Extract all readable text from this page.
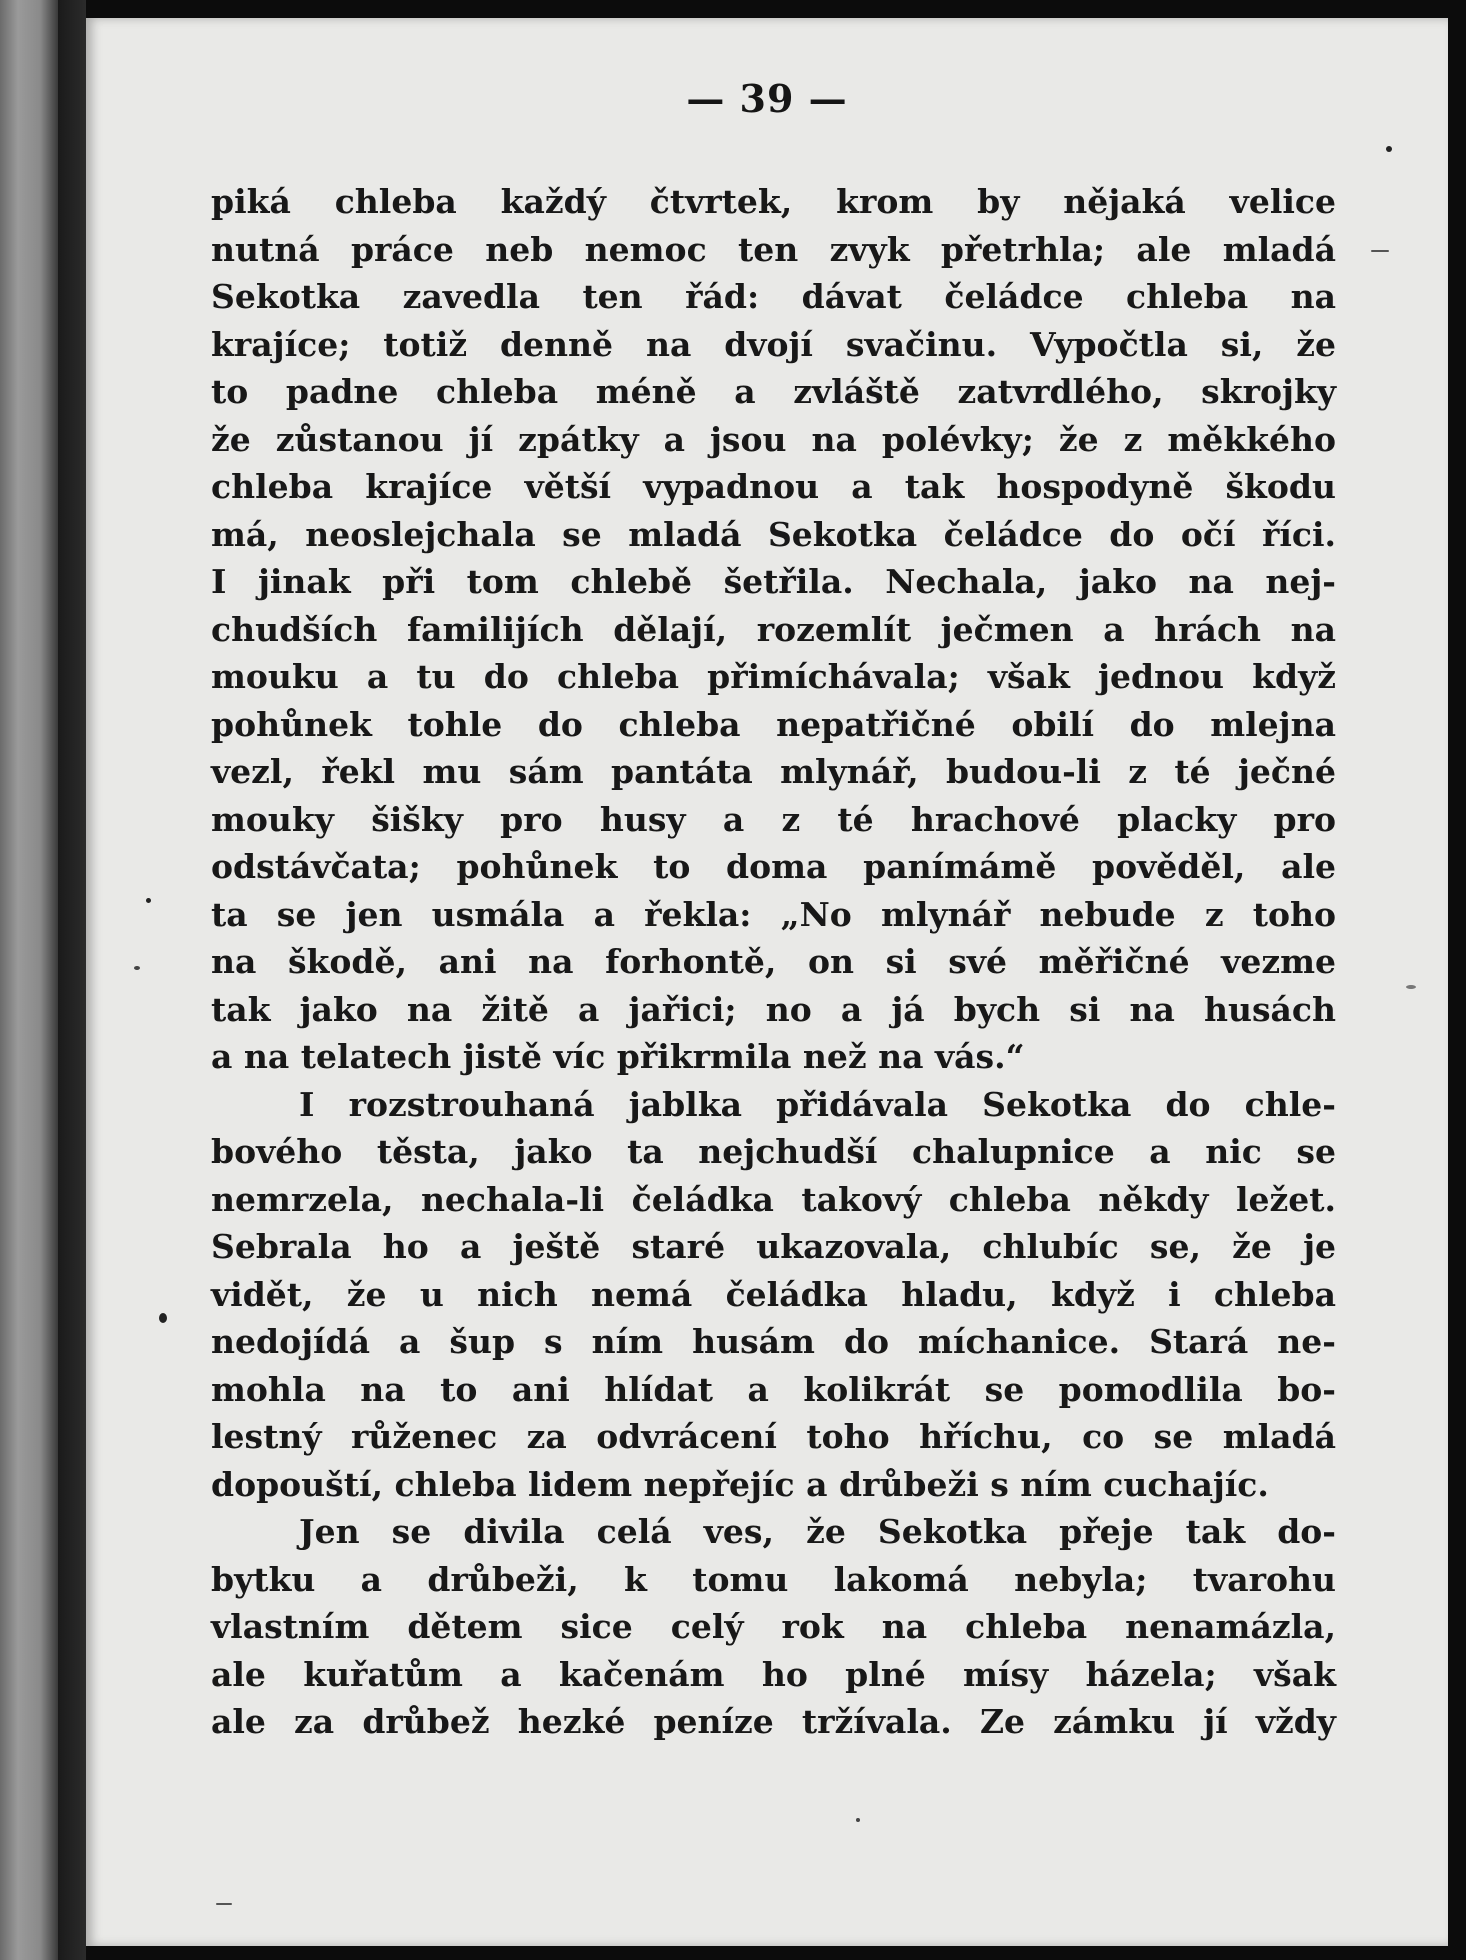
— 39 —
piká chleba každý čtvrtek, krom by nějaká velice
nutná práce neb nemoc ten zvyk přetrhla; ale mladá
Sekotka zavedla ten řád: dávat čeládce chleba na
krajíce; totiž denně na dvojí svačinu. Vypočtla si, že
to padne chleba méně a zvláště zatvrdlého, skrojky
že zůstanou jí zpátky a jsou na polévky; že z měkkého
chleba krajíce větší vypadnou a tak hospodyně škodu
má, neoslejchala se mladá Sekotka čeládce do očí říci.
I jinak při tom chlebě šetřila. Nechala, jako na nej-
chudších familijích dělají, rozemlít ječmen a hrách na
mouku a tu do chleba přimíchávala; však jednou když
pohůnek tohle do chleba nepatřičné obilí do mlejna
vezl, řekl mu sám pantáta mlynář, budou-li z té ječné
mouky šišky pro husy a z té hrachové placky pro
odstávčata; pohůnek to doma panímámě pověděl, ale
ta se jen usmála a řekla: „No mlynář nebude z toho
na škodě, ani na forhontě, on si své měřičné vezme
tak jako na žitě a jařici; no a já bych si na husách
a na telatech jistě víc přikrmila než na vás.“
I rozstrouhaná jablka přidávala Sekotka do chle-
bového těsta, jako ta nejchudší chalupnice a nic se
nemrzela, nechala-li čeládka takový chleba někdy ležet.
Sebrala ho a ještě staré ukazovala, chlubíc se, že je
vidět, že u nich nemá čeládka hladu, když i chleba
nedojídá a šup s ním husám do míchanice. Stará ne-
mohla na to ani hlídat a kolikrát se pomodlila bo-
lestný růženec za odvrácení toho hříchu, co se mladá
dopouští, chleba lidem nepřejíc a drůbeži s ním cuchajíc.
Jen se divila celá ves, že Sekotka přeje tak do-
bytku a drůbeži, k tomu lakomá nebyla; tvarohu
vlastním dětem sice celý rok na chleba nenamázla,
ale kuřatům a kačenám ho plné mísy házela; však
ale za drůbež hezké peníze tržívala. Ze zámku jí vždy
